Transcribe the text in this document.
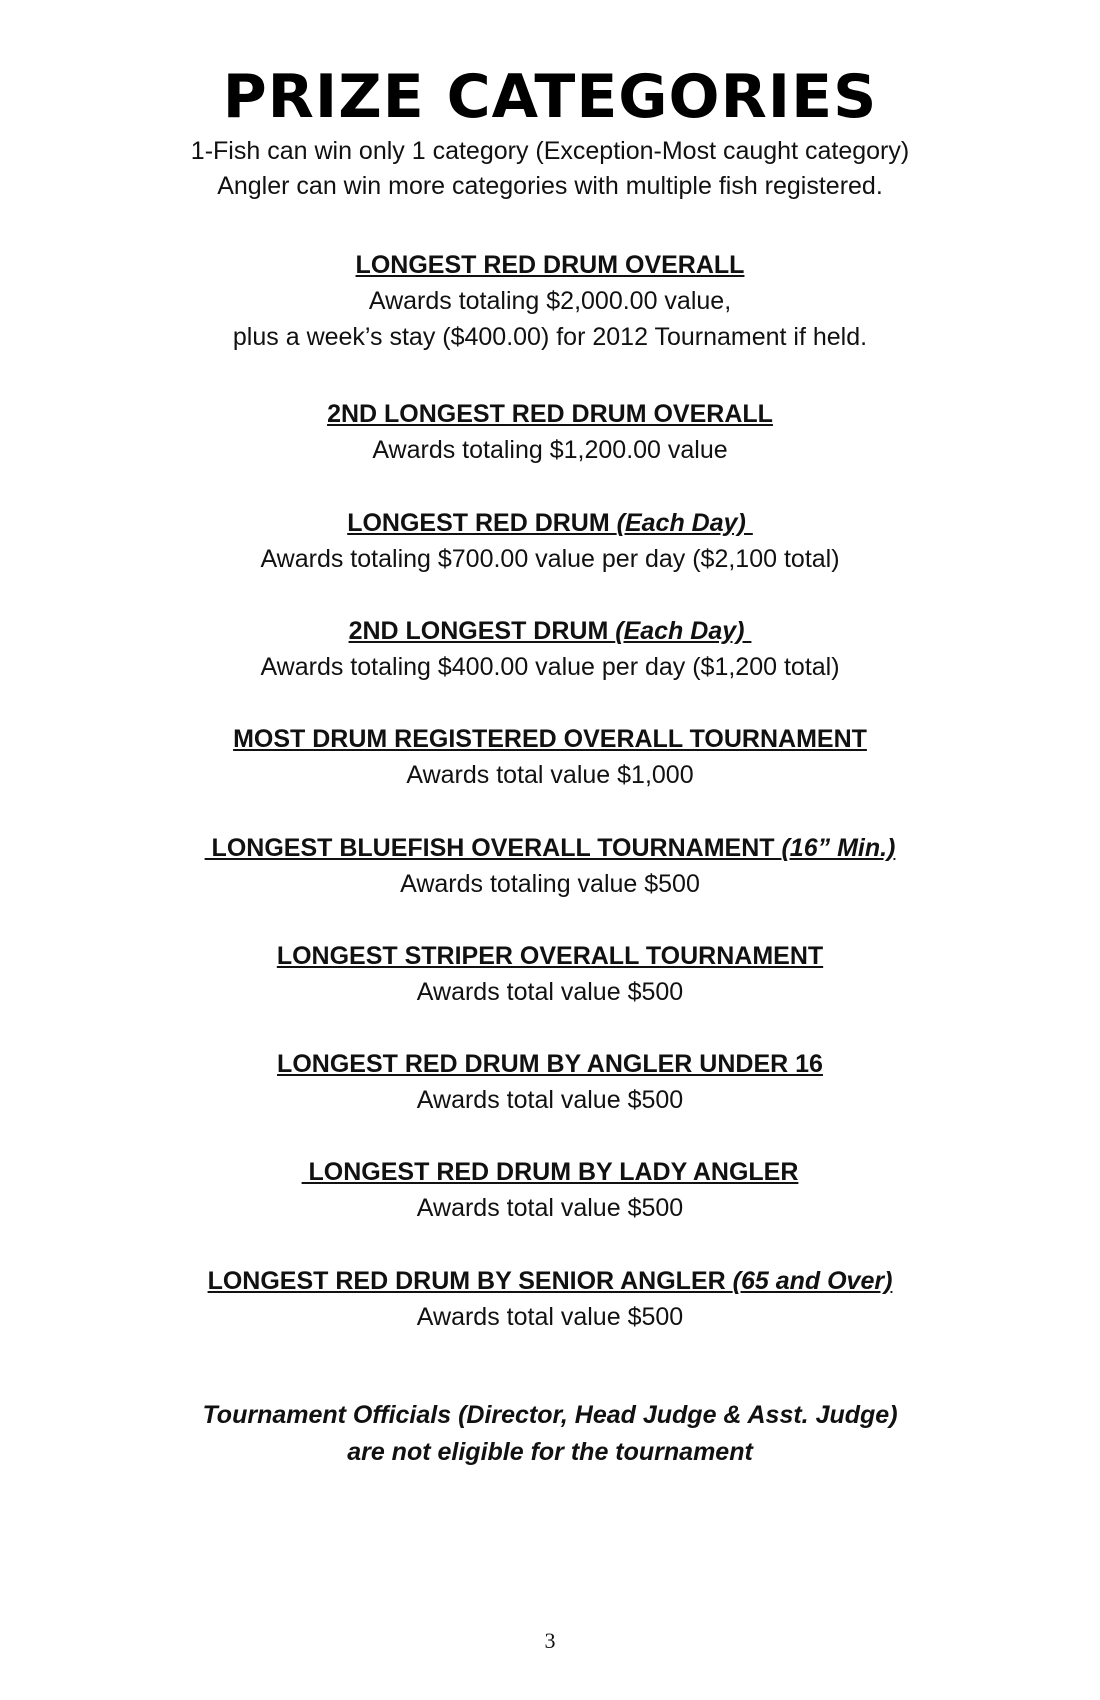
PRIZE CATEGORIES
1-Fish can win only 1 category (Exception-Most caught category)
Angler can win more categories with multiple fish registered.
LONGEST RED DRUM OVERALL
Awards totaling $2,000.00 value,
plus a week’s stay ($400.00) for 2012 Tournament if held.
2ND LONGEST RED DRUM OVERALL
Awards totaling $1,200.00 value
LONGEST RED DRUM (Each Day)
Awards totaling $700.00 value per day ($2,100 total)
2ND LONGEST DRUM (Each Day)
Awards totaling $400.00 value per day ($1,200 total)
MOST DRUM REGISTERED OVERALL TOURNAMENT
Awards total value $1,000
LONGEST BLUEFISH OVERALL TOURNAMENT (16” Min.)
Awards totaling value $500
LONGEST STRIPER OVERALL TOURNAMENT
Awards total value $500
LONGEST RED DRUM BY ANGLER UNDER 16
Awards total value $500
LONGEST RED DRUM BY LADY ANGLER
Awards total value $500
LONGEST RED DRUM BY SENIOR ANGLER (65 and Over)
Awards total value $500
Tournament Officials (Director, Head Judge & Asst. Judge)
are not eligible for the tournament
3
